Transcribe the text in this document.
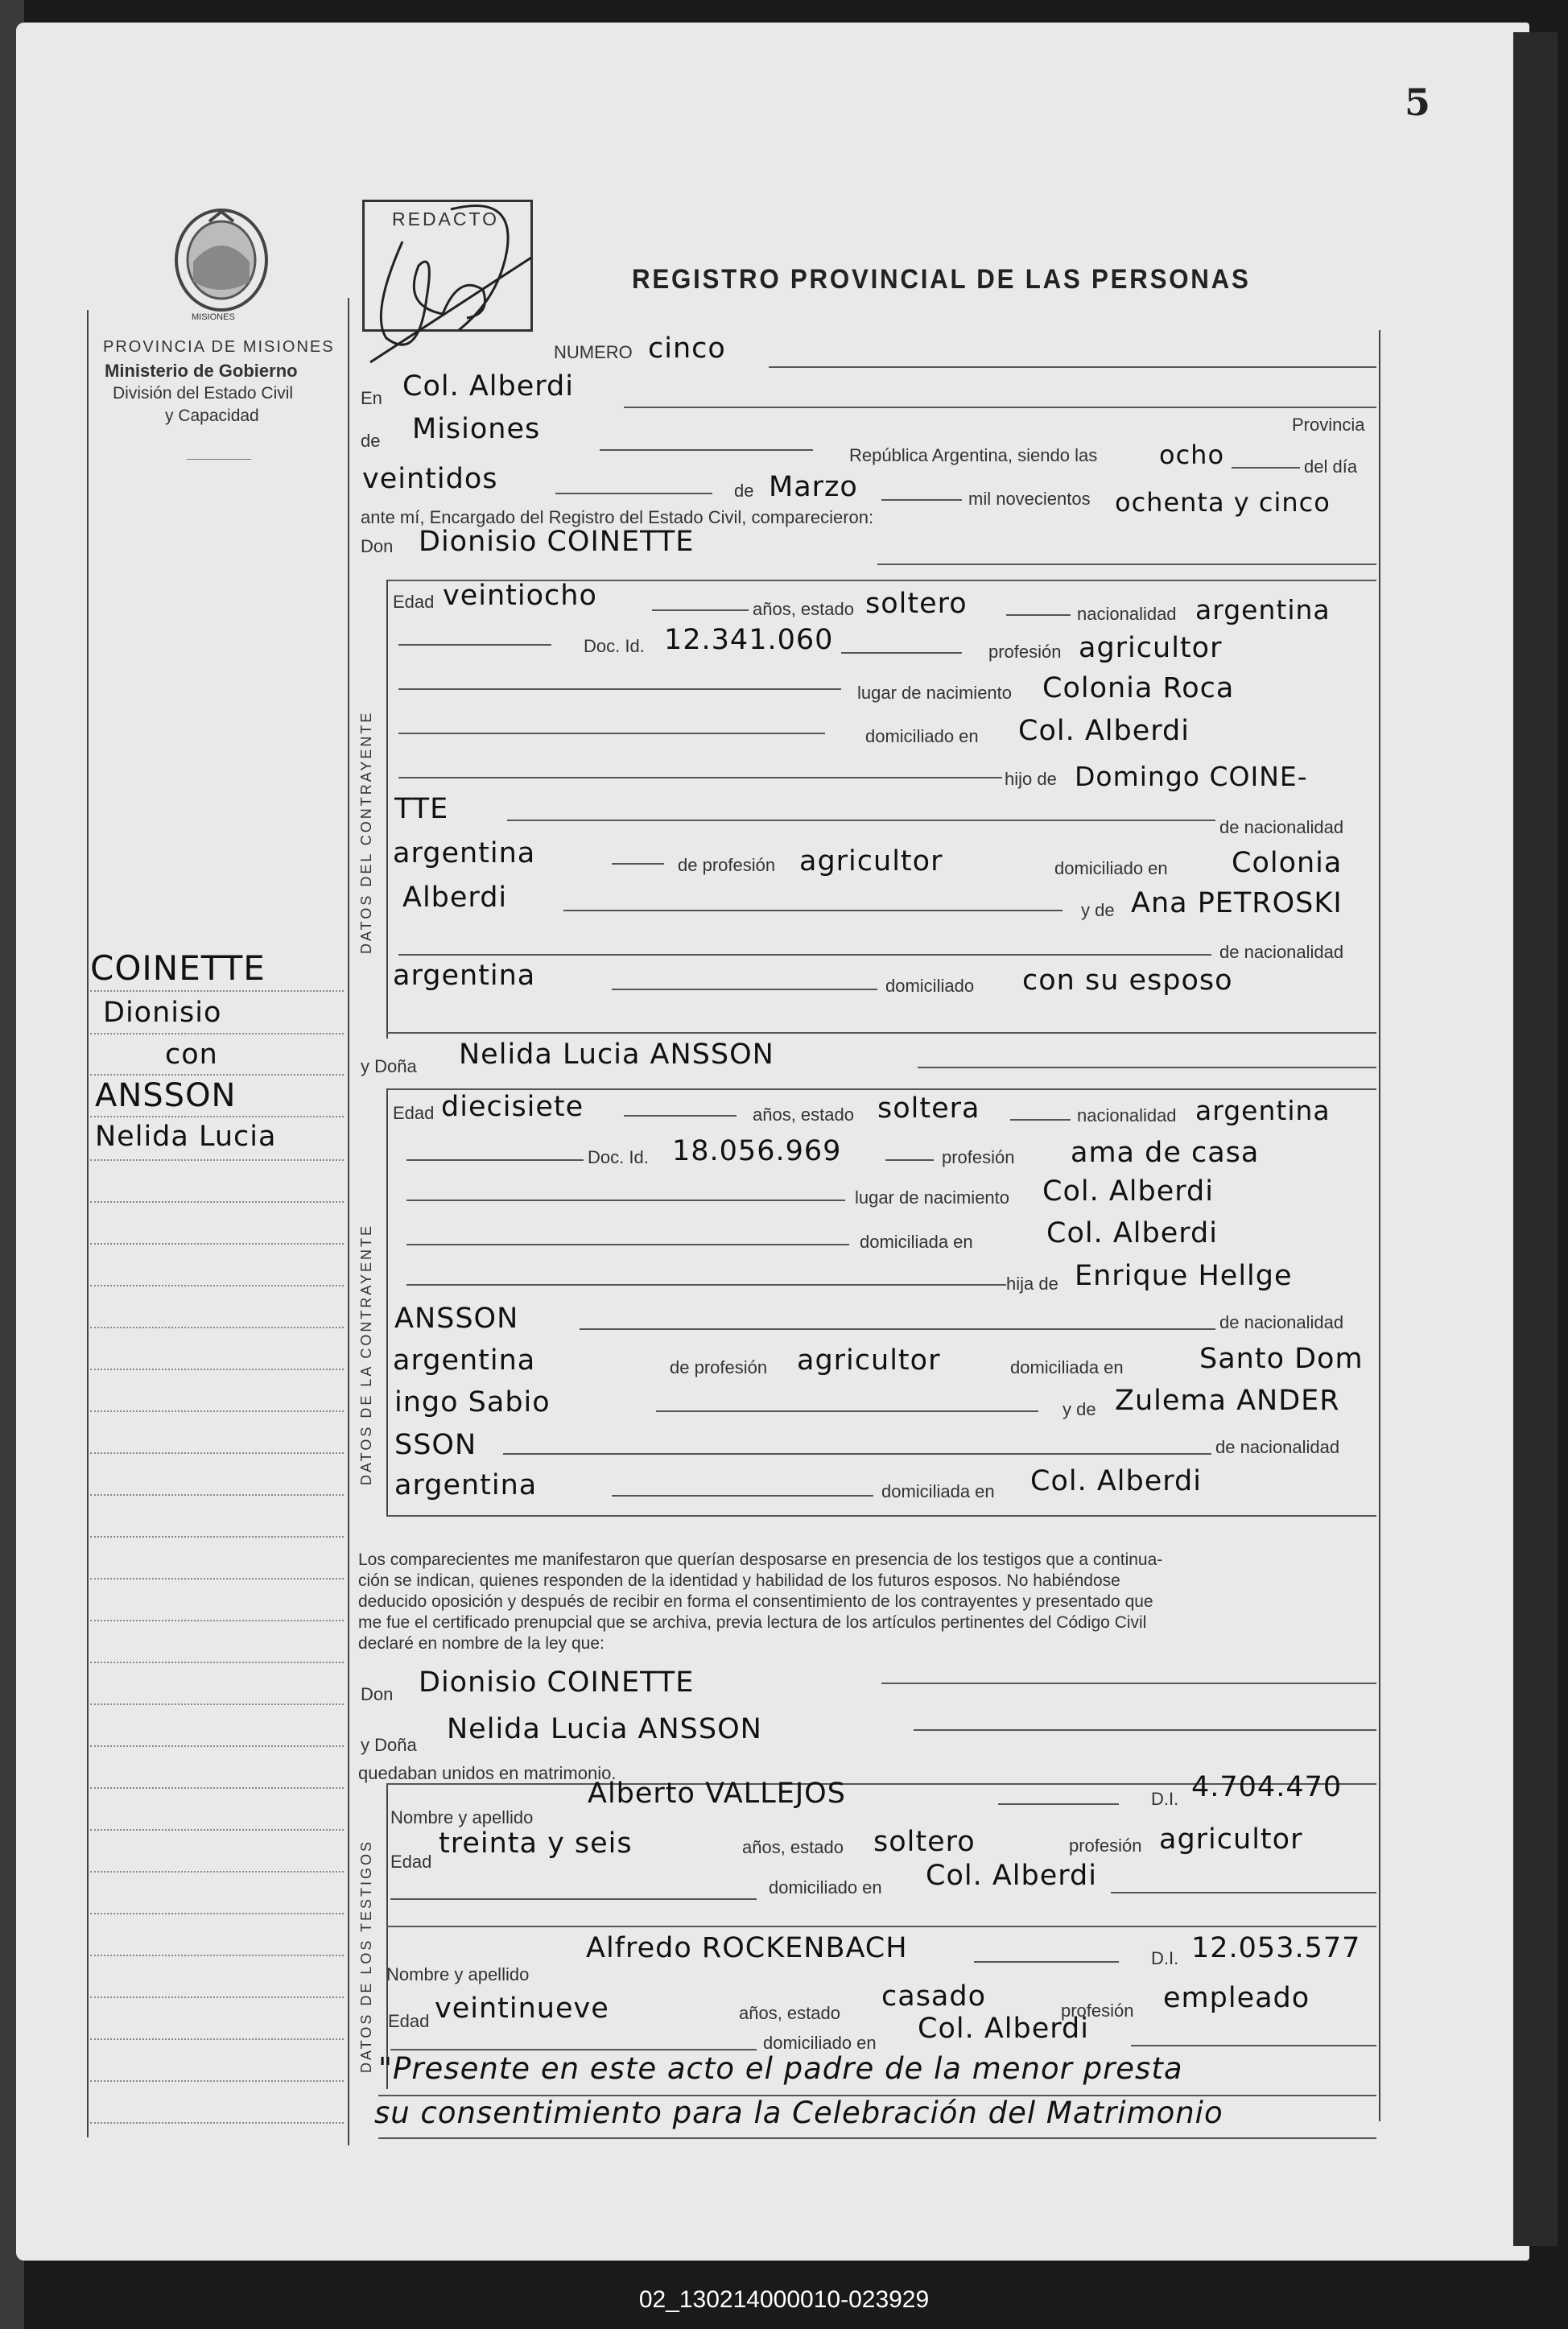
5
MISIONES
PROVINCIA DE MISIONES
Ministerio de Gobierno
División del Estado Civil
y Capacidad
REDACTO
REGISTRO PROVINCIAL DE LAS PERSONAS
COINETTE
Dionisio
con
ANSSON
Nelida Lucia
NUMERO cinco
En Col. Alberdi
de Misiones	Provincia
República Argentina, siendo las ocho	del día
veintidos	de Marzo	mil novecientos ochenta y cinco
ante mí, Encargado del Registro del Estado Civil, comparecieron:
Don Dionisio COINETTE
DATOS DEL CONTRAYENTE
Edad veintiocho	años, estado soltero	nacionalidad argentina
Doc. Id. 12.341.060	profesión agricultor
lugar de nacimiento Colonia Roca
domiciliado en Col. Alberdi
hijo de Domingo COINE-
TTE
de nacionalidad
argentina	de profesión agricultor	domiciliado en Colonia
Alberdi	y de Ana PETROSKI
de nacionalidad
argentina	domiciliado con su esposo
y Doña Nelida Lucia ANSSON
DATOS DE LA CONTRAYENTE
Edad diecisiete	años, estado soltera	nacionalidad argentina
Doc. Id. 18.056.969	profesión ama de casa
lugar de nacimiento Col. Alberdi
domiciliada en	Col. Alberdi
hija de Enrique Hellge
ANSSON	de nacionalidad
argentina	de profesión agricultor	domiciliada en	Santo Dom
ingo Sabio	y de Zulema ANDER
SSON	de nacionalidad
argentina	domiciliada en Col. Alberdi
Los comparecientes me manifestaron que querían desposarse en presencia de los testigos que a continua-
ción se indican, quienes responden de la identidad y habilidad de los futuros esposos. No habiéndose
deducido oposición y después de recibir en forma el consentimiento de los contrayentes y presentado que
me fue el certificado prenupcial que se archiva, previa lectura de los artículos pertinentes del Código Civil
declaré en nombre de la ley que:
Don Dionisio COINETTE
y Doña Nelida Lucia ANSSON
quedaban unidos en matrimonio.
DATOS DE LOS TESTIGOS
Nombre y apellido
Alberto VALLEJOS	D.I. 4.704.470
Edad
treinta y seis	años, estado soltero	profesión agricultor
domiciliado en Col. Alberdi
Nombre y apellido
Alfredo ROCKENBACH	D.I. 12.053.577
Edad veintinueve	años, estado
casado	profesión empleado
domiciliado en Col. Alberdi
"Presente en este acto el padre de la menor presta
su consentimiento para la Celebración del Matrimonio
02_130214000010-023929
